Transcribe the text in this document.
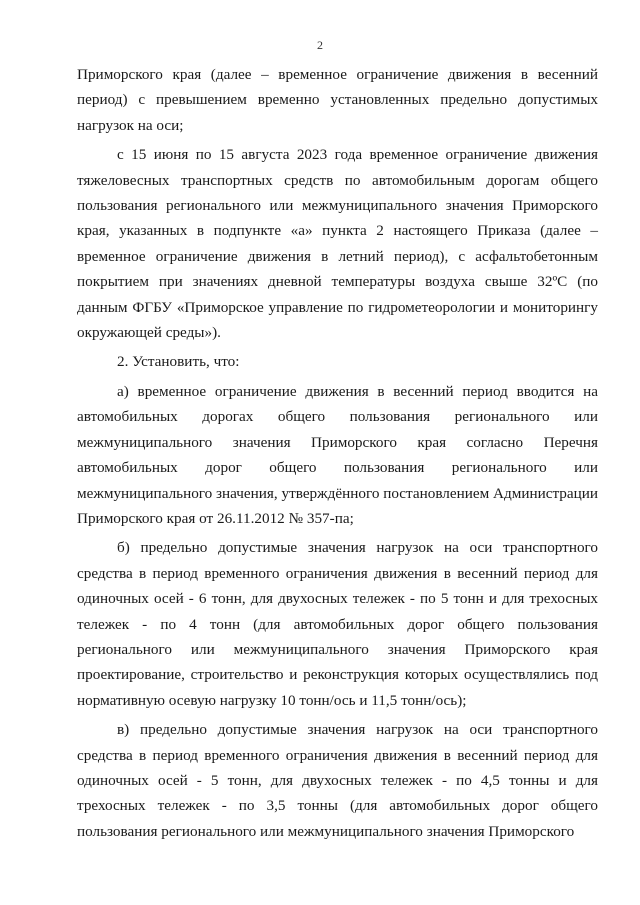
2

Приморского края (далее – временное ограничение движения в весенний период) с превышением временно установленных предельно допустимых нагрузок на оси;

с 15 июня по 15 августа 2023 года временное ограничение движения тяжеловесных транспортных средств по автомобильным дорогам общего пользования регионального или межмуниципального значения Приморского края, указанных в подпункте «а» пункта 2 настоящего Приказа (далее – временное ограничение движения в летний период), с асфальтобетонным покрытием при значениях дневной температуры воздуха свыше 32ºС (по данным ФГБУ «Приморское управление по гидрометеорологии и мониторингу окружающей среды»).

2. Установить, что:

а) временное ограничение движения в весенний период вводится на автомобильных дорогах общего пользования регионального или межмуниципального значения Приморского края согласно Перечня автомобильных дорог общего пользования регионального или межмуниципального значения, утверждённого постановлением Администрации Приморского края от 26.11.2012 № 357-па;

б) предельно допустимые значения нагрузок на оси транспортного средства в период временного ограничения движения в весенний период для одиночных осей - 6 тонн, для двухосных тележек - по 5 тонн и для трехосных тележек - по 4 тонн (для автомобильных дорог общего пользования регионального или межмуниципального значения Приморского края проектирование, строительство и реконструкция которых осуществлялись под нормативную осевую нагрузку 10 тонн/ось и 11,5 тонн/ось);

в) предельно допустимые значения нагрузок на оси транспортного средства в период временного ограничения движения в весенний период для одиночных осей - 5 тонн, для двухосных тележек - по 4,5 тонны и для трехосных тележек - по 3,5 тонны (для автомобильных дорог общего пользования регионального или межмуниципального значения Приморского
